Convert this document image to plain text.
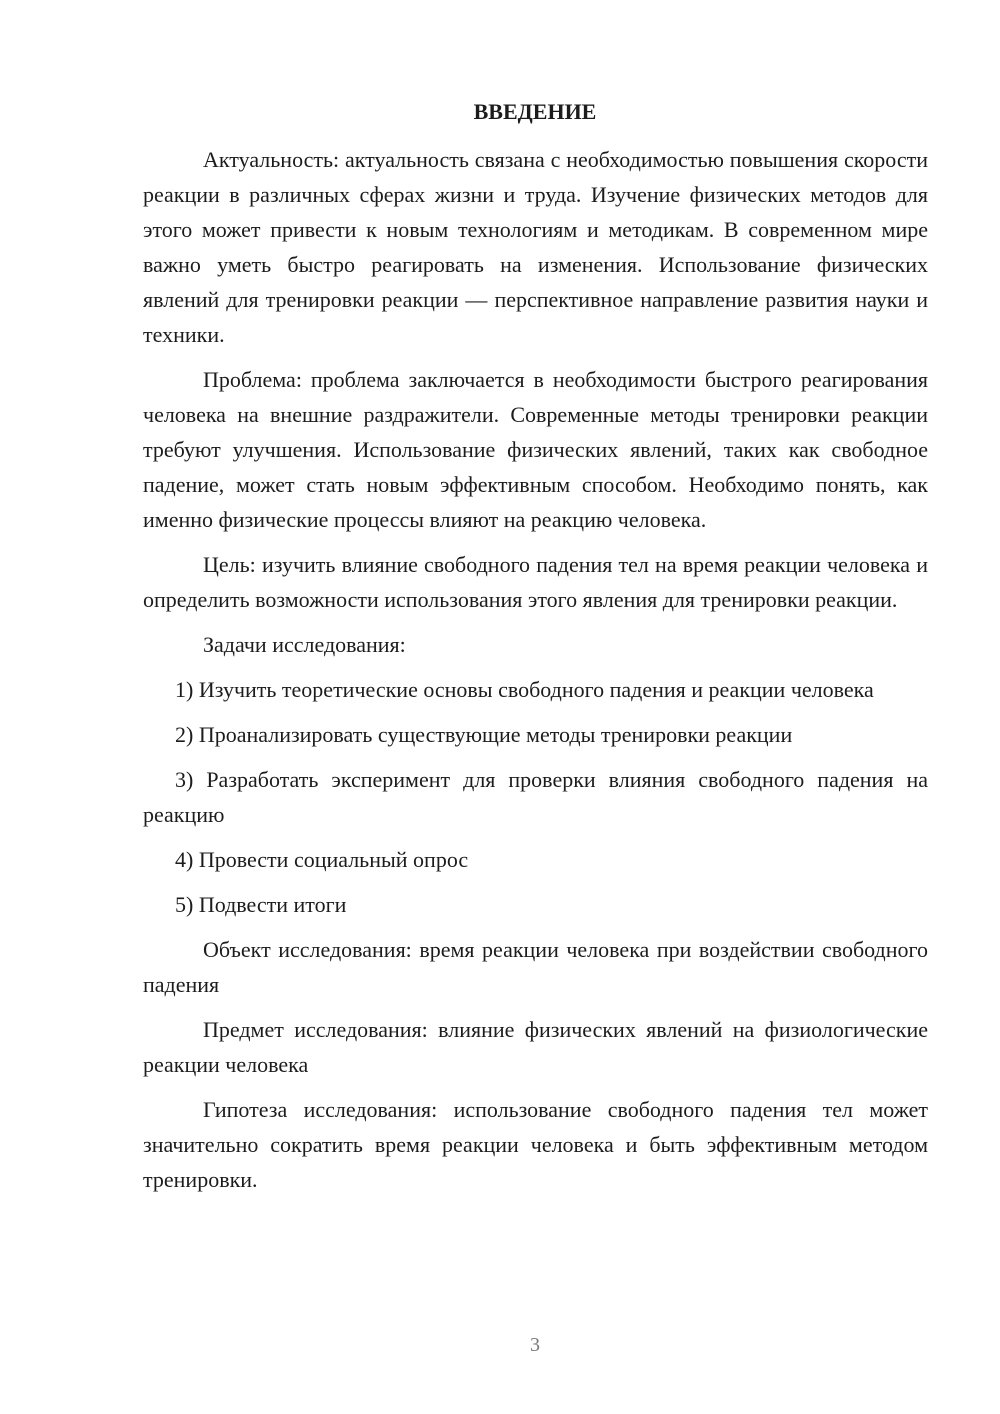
ВВЕДЕНИЕ

Актуальность: актуальность связана с необходимостью повышения скорости реакции в различных сферах жизни и труда. Изучение физических методов для этого может привести к новым технологиям и методикам. В современном мире важно уметь быстро реагировать на изменения. Использование физических явлений для тренировки реакции — перспективное направление развития науки и техники.

Проблема: проблема заключается в необходимости быстрого реагирования человека на внешние раздражители. Современные методы тренировки реакции требуют улучшения. Использование физических явлений, таких как свободное падение, может стать новым эффективным способом. Необходимо понять, как именно физические процессы влияют на реакцию человека.

Цель: изучить влияние свободного падения тел на время реакции человека и определить возможности использования этого явления для тренировки реакции.

Задачи исследования:

1) Изучить теоретические основы свободного падения и реакции человека

2) Проанализировать существующие методы тренировки реакции

3) Разработать эксперимент для проверки влияния свободного падения на реакцию

4) Провести социальный опрос

5) Подвести итоги

Объект исследования: время реакции человека при воздействии свободного падения

Предмет исследования: влияние физических явлений на физиологические реакции человека

Гипотеза исследования: использование свободного падения тел может значительно сократить время реакции человека и быть эффективным методом тренировки.

3
